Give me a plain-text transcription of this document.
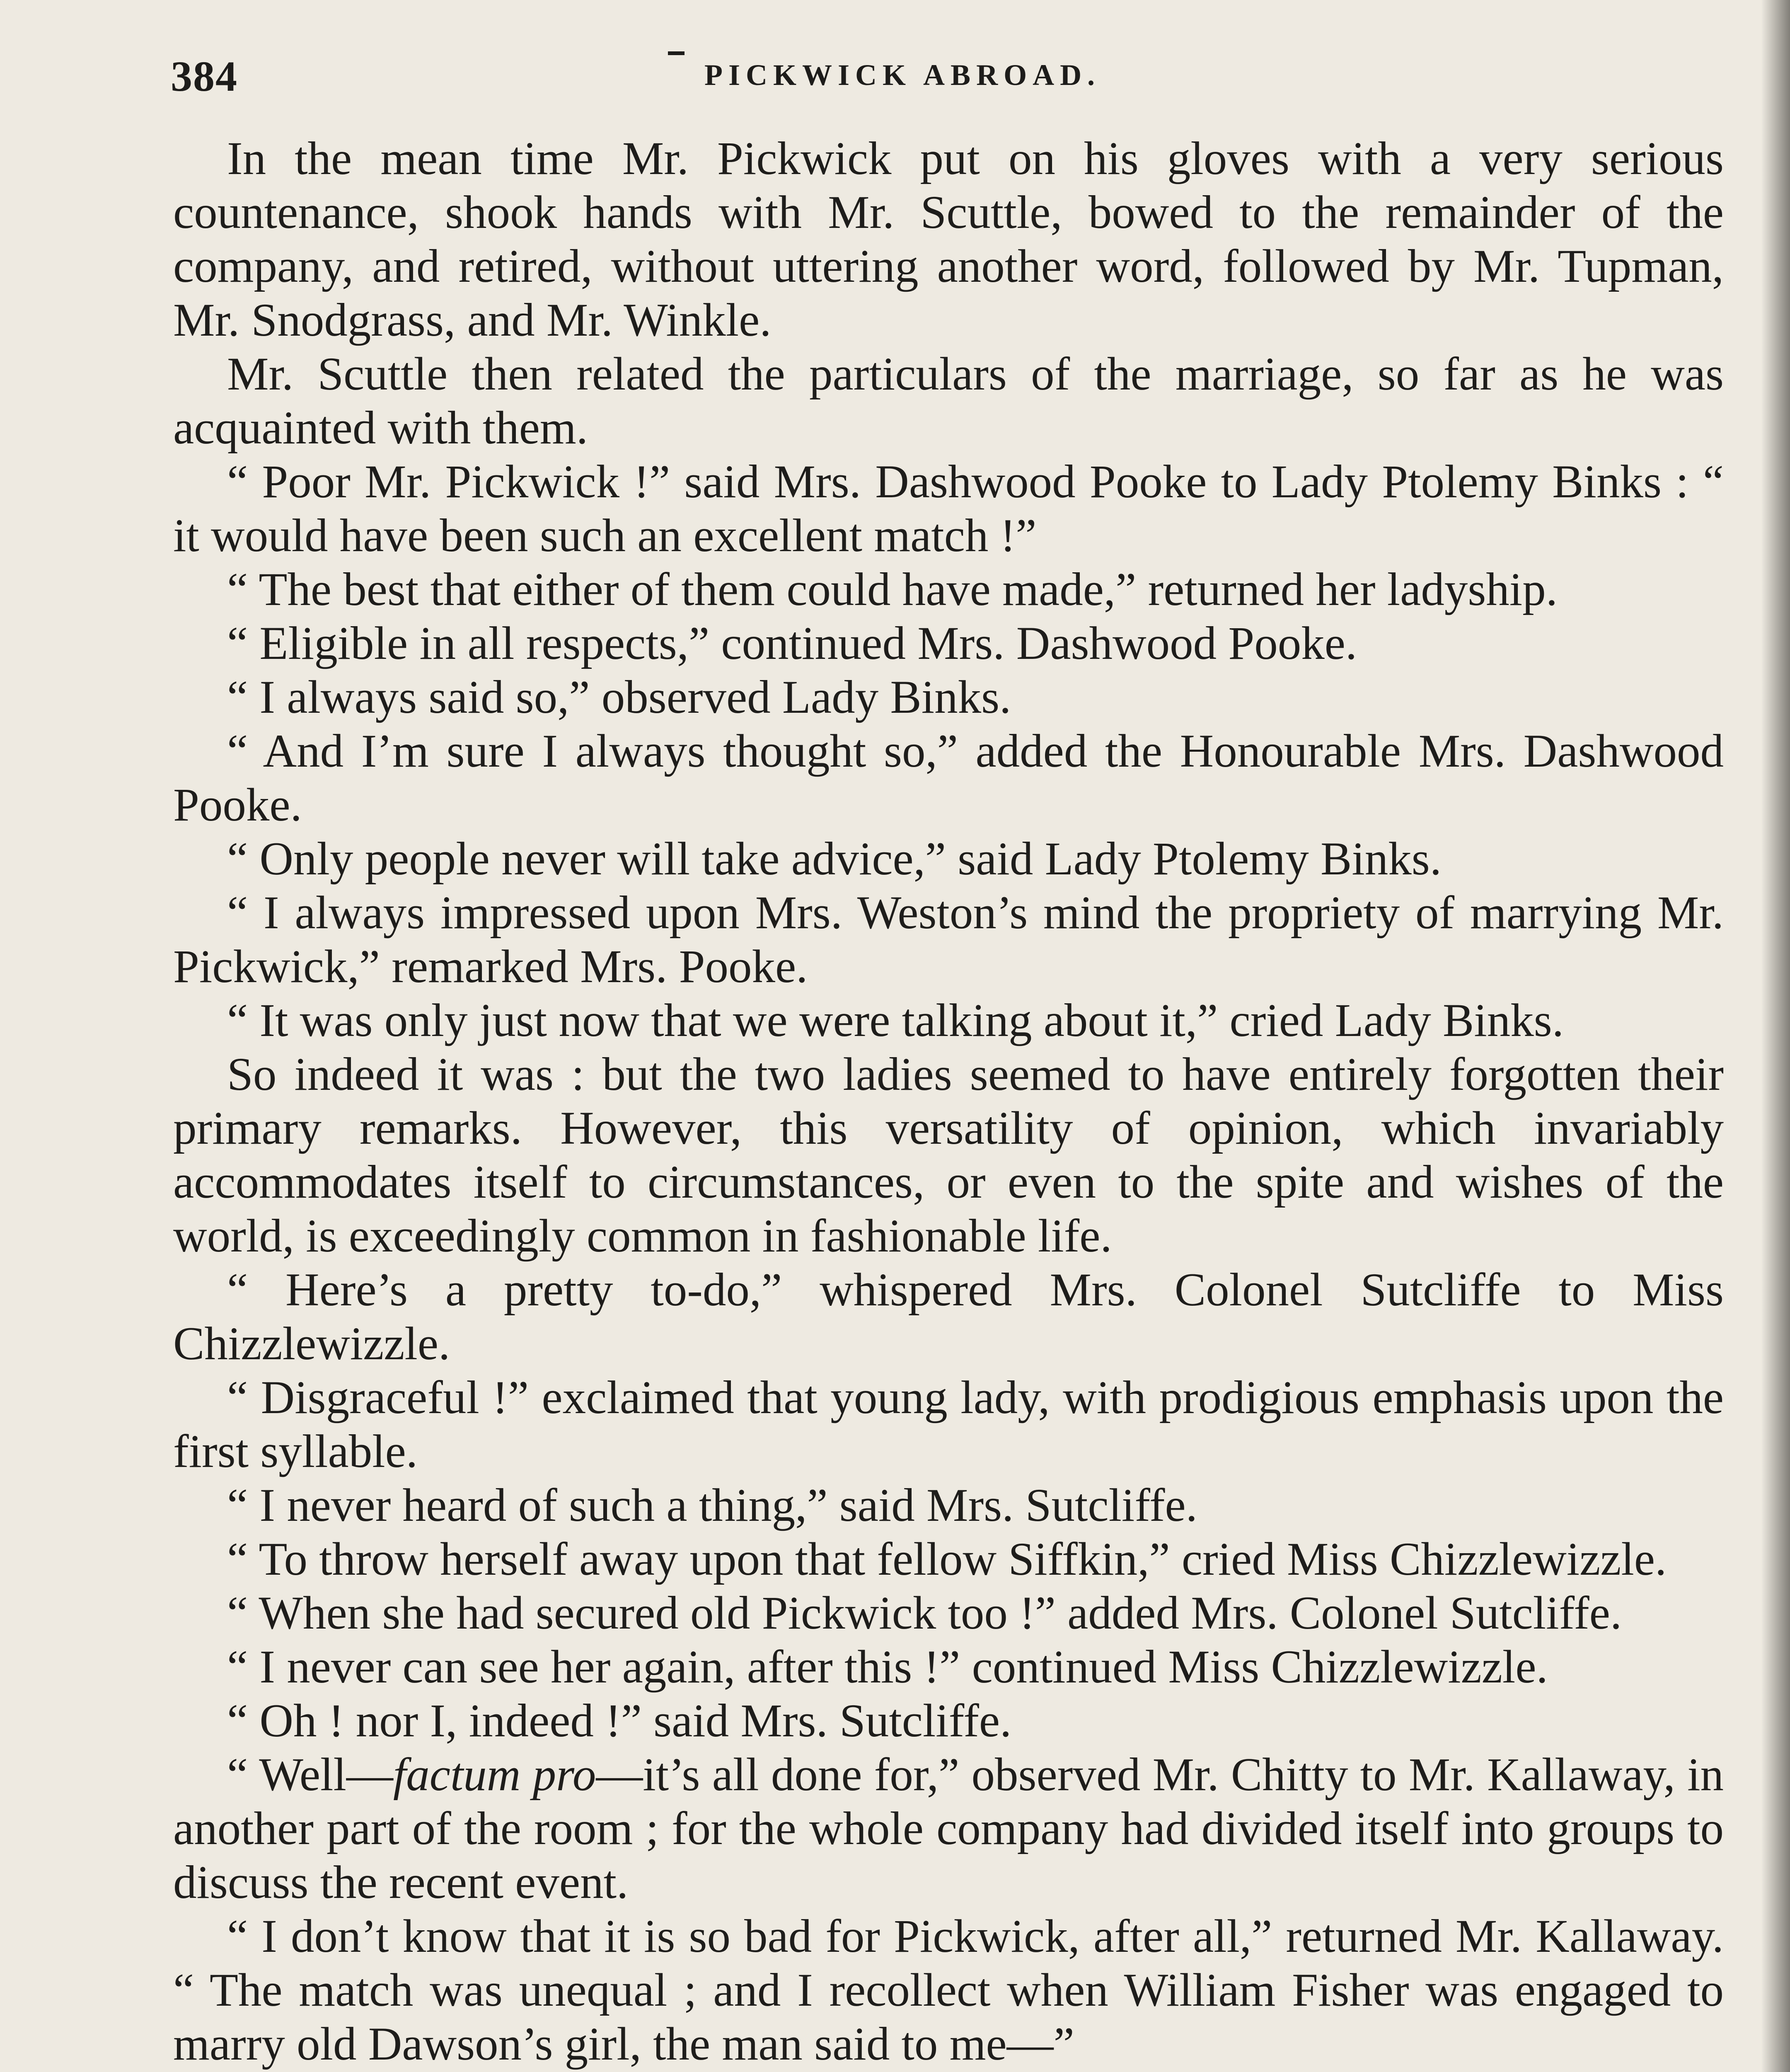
384	PICKWICK ABROAD.

In the mean time Mr. Pickwick put on his gloves with a very serious countenance, shook hands with Mr. Scuttle, bowed to the remainder of the company, and retired, without uttering another word, followed by Mr. Tupman, Mr. Snodgrass, and Mr. Winkle.

Mr. Scuttle then related the particulars of the marriage, so far as he was acquainted with them.

“ Poor Mr. Pickwick !” said Mrs. Dashwood Pooke to Lady Ptolemy Binks : “ it would have been such an excellent match !”

“ The best that either of them could have made,” returned her ladyship.

“ Eligible in all respects,” continued Mrs. Dashwood Pooke.

“ I always said so,” observed Lady Binks.

“ And I’m sure I always thought so,” added the Honourable Mrs. Dashwood Pooke.

“ Only people never will take advice,” said Lady Ptolemy Binks.

“ I always impressed upon Mrs. Weston’s mind the propriety of marrying Mr. Pickwick,” remarked Mrs. Pooke.

“ It was only just now that we were talking about it,” cried Lady Binks.

So indeed it was : but the two ladies seemed to have entirely forgotten their primary remarks. However, this versatility of opinion, which invariably accommodates itself to circumstances, or even to the spite and wishes of the world, is exceedingly common in fashionable life.

“ Here’s a pretty to-do,” whispered Mrs. Colonel Sutcliffe to Miss Chizzlewizzle.

“ Disgraceful !” exclaimed that young lady, with prodigious emphasis upon the first syllable.

“ I never heard of such a thing,” said Mrs. Sutcliffe.

“ To throw herself away upon that fellow Siffkin,” cried Miss Chizzlewizzle.

“ When she had secured old Pickwick too !” added Mrs. Colonel Sutcliffe.

“ I never can see her again, after this !” continued Miss Chizzlewizzle.

“ Oh ! nor I, indeed !” said Mrs. Sutcliffe.

“ Well—factum pro—it’s all done for,” observed Mr. Chitty to Mr. Kallaway, in another part of the room ; for the whole company had divided itself into groups to discuss the recent event.

“ I don’t know that it is so bad for Pickwick, after all,” returned Mr. Kallaway. “ The match was unequal ; and I recollect when William Fisher was engaged to marry old Dawson’s girl, the man said to me—”
